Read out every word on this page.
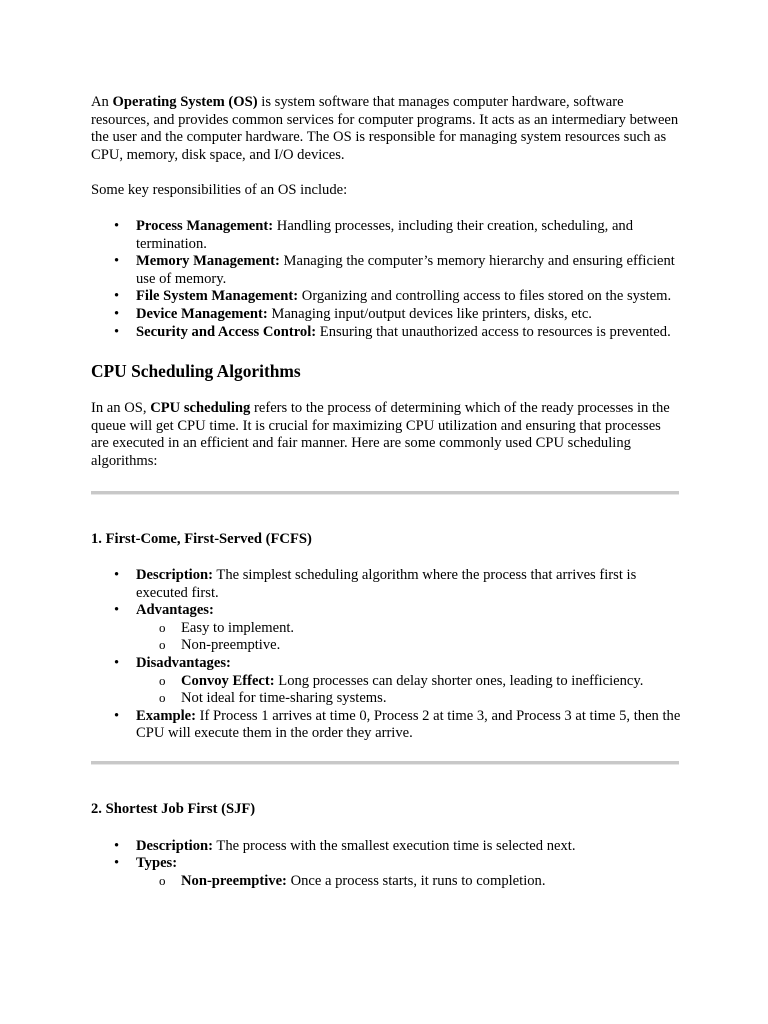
An Operating System (OS) is system software that manages computer hardware, software resources, and provides common services for computer programs. It acts as an intermediary between the user and the computer hardware. The OS is responsible for managing system resources such as CPU, memory, disk space, and I/O devices.

Some key responsibilities of an OS include:

• Process Management: Handling processes, including their creation, scheduling, and termination.
• Memory Management: Managing the computer’s memory hierarchy and ensuring efficient use of memory.
• File System Management: Organizing and controlling access to files stored on the system.
• Device Management: Managing input/output devices like printers, disks, etc.
• Security and Access Control: Ensuring that unauthorized access to resources is prevented.
CPU Scheduling Algorithms

In an OS, CPU scheduling refers to the process of determining which of the ready processes in the queue will get CPU time. It is crucial for maximizing CPU utilization and ensuring that processes are executed in an efficient and fair manner. Here are some commonly used CPU scheduling algorithms:

1. First-Come, First-Served (FCFS)
• Description: The simplest scheduling algorithm where the process that arrives first is executed first.
• Advantages:
o Easy to implement.
o Non-preemptive.
• Disadvantages:
o Convoy Effect: Long processes can delay shorter ones, leading to inefficiency.
o Not ideal for time-sharing systems.
• Example: If Process 1 arrives at time 0, Process 2 at time 3, and Process 3 at time 5, then the CPU will execute them in the order they arrive.
2. Shortest Job First (SJF)
• Description: The process with the smallest execution time is selected next.
• Types:
o Non-preemptive: Once a process starts, it runs to completion.
